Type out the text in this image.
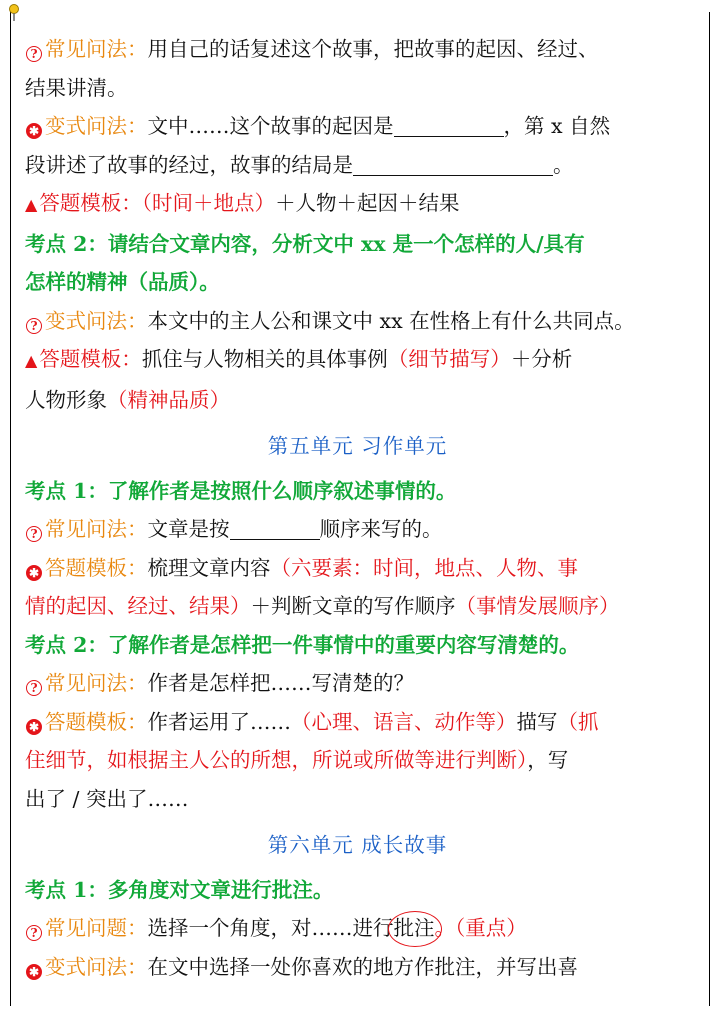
? 常见问法：用自己的话复述这个故事，把故事的起因、经过、
结果讲清。
✱ 变式问法：文中……这个故事的起因是	，第 x 自然
段讲述了故事的经过，故事的结局是	。
▲答题模板：（时间＋地点）＋人物＋起因＋结果
考点 2：请结合文章内容，分析文中 xx 是一个怎样的人/具有
怎样的精神（品质）。
? 变式问法：本文中的主人公和课文中 xx 在性格上有什么共同点。
▲答题模板：抓住与人物相关的具体事例（细节描写）＋分析
人物形象（精神品质）
第五单元 习作单元
考点 1：了解作者是按照什么顺序叙述事情的。
? 常见问法：文章是按	顺序来写的。
✱ 答题模板：梳理文章内容（六要素：时间，地点、人物、事
情的起因、经过、结果）＋判断文章的写作顺序（事情发展顺序）
考点 2：了解作者是怎样把一件事情中的重要内容写清楚的。
? 常见问法：作者是怎样把……写清楚的？
✱ 答题模板：作者运用了……（心理、语言、动作等）描写（抓
住细节，如根据主人公的所想，所说或所做等进行判断），写
出了 / 突出了……
第六单元 成长故事
考点 1：多角度对文章进行批注。
? 常见问题：选择一个角度，对……进行批注。（重点）
✱ 变式问法：在文中选择一处你喜欢的地方作批注，并写出喜
